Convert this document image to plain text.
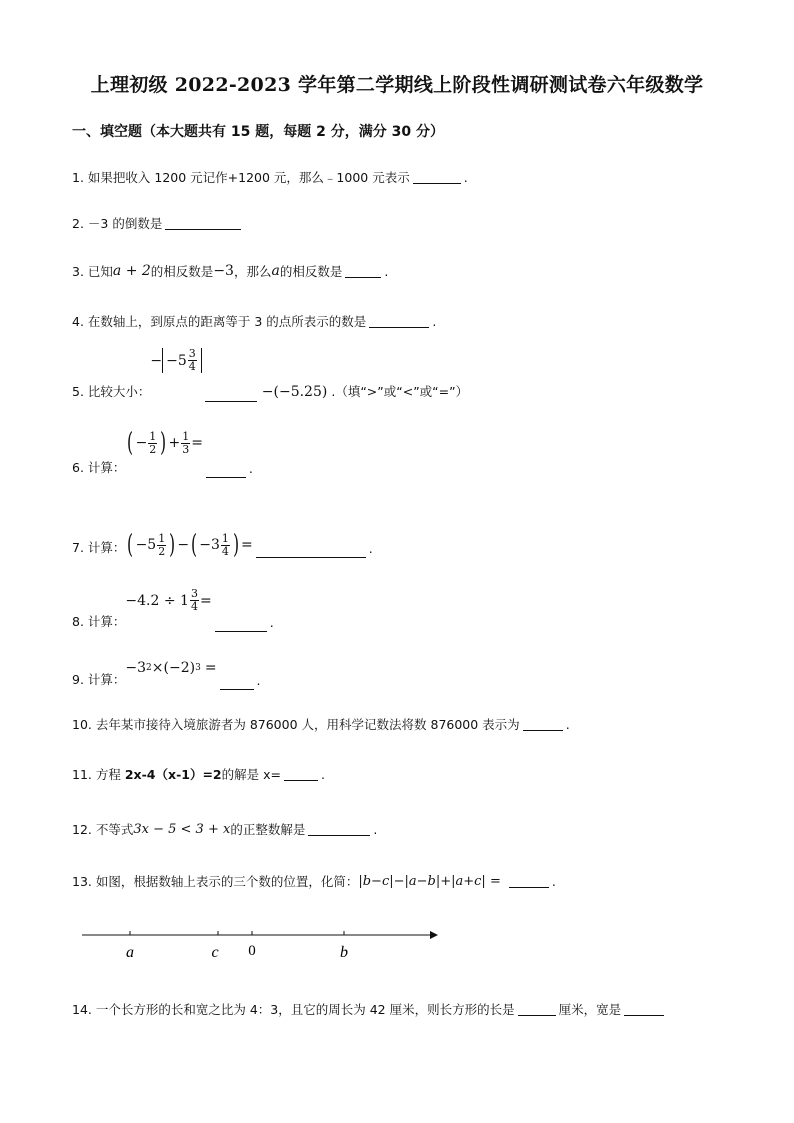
上理初级 2022-2023 学年第二学期线上阶段性调研测试卷六年级数学
一、填空题（本大题共有 15 题，每题 2 分，满分 30 分）
1. 如果把收入 1200 元记作+1200 元，那么﹣1000 元表示	.
2. －3 的倒数是
3. 已知 a + 2 的相反数是 −3 ，那么 a 的相反数是	.
4. 在数轴上，到原点的距离等于 3 的点所表示的数是	.
5. 比较大小：
− $-5 \frac{3}{4}$
−(−5.25) .（填“>”或“<”或“=”）
6. 计算：
( − $\frac{1}{2}$ ) + $\frac{1}{3}$ =
.
7. 计算： ( $-5 \frac{1}{2}$ ) − ( $-3 \frac{1}{4}$ ) =	.
8. 计算：
$-4.2 \div 1 \frac{3}{4}$ =
.
9. 计算：
−3 2 ×(−2) 3 =
.
10. 去年某市接待入境旅游者为 876000 人，用科学记数法将数 876000 表示为	.
11. 方程 2x-4（x-1）=2 的解是 x=	.
12. 不等式 3x − 5 < 3 + x 的正整数解是	.
13. 如图，根据数轴上表示的三个数的位置，化简： |b−c|−|a−b|+|a+c| =	.
a	c 0	b
14. 一个长方形的长和宽之比为 4：3，且它的周长为 42 厘米，则长方形的长是	厘米，宽是
